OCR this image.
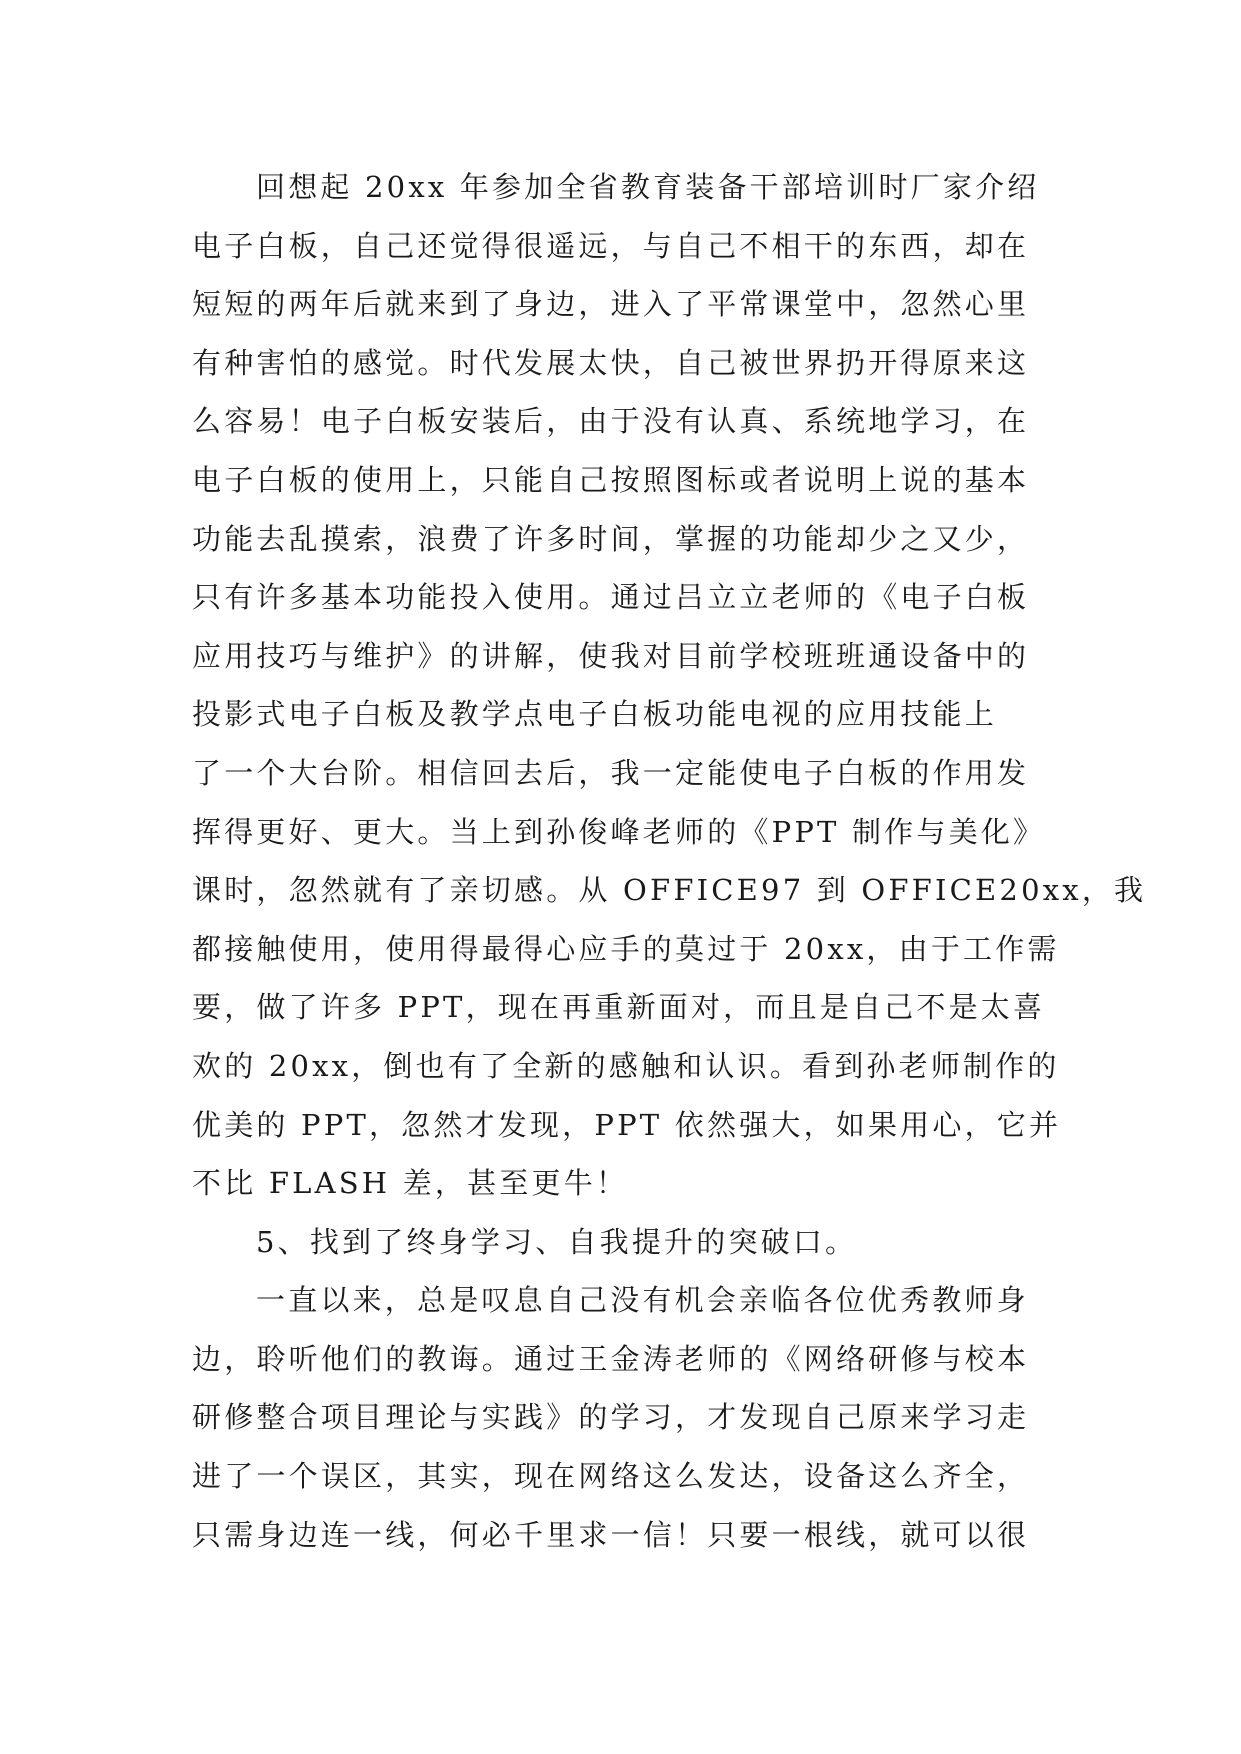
回想起 20xx 年参加全省教育装备干部培训时厂家介绍
电子白板，自己还觉得很遥远，与自己不相干的东西，却在
短短的两年后就来到了身边，进入了平常课堂中，忽然心里
有种害怕的感觉。时代发展太快，自己被世界扔开得原来这
么容易！电子白板安装后，由于没有认真、系统地学习，在
电子白板的使用上，只能自己按照图标或者说明上说的基本
功能去乱摸索，浪费了许多时间，掌握的功能却少之又少，
只有许多基本功能投入使用。通过吕立立老师的《电子白板
应用技巧与维护》的讲解，使我对目前学校班班通设备中的
投影式电子白板及教学点电子白板功能电视的应用技能上
了一个大台阶。相信回去后，我一定能使电子白板的作用发
挥得更好、更大。当上到孙俊峰老师的《PPT 制作与美化》
课时，忽然就有了亲切感。从 OFFICE97 到 OFFICE20xx，我
都接触使用，使用得最得心应手的莫过于 20xx，由于工作需
要，做了许多 PPT，现在再重新面对，而且是自己不是太喜
欢的 20xx，倒也有了全新的感触和认识。看到孙老师制作的
优美的 PPT，忽然才发现，PPT 依然强大，如果用心，它并
不比 FLASH 差，甚至更牛！
5、找到了终身学习、自我提升的突破口。
一直以来，总是叹息自己没有机会亲临各位优秀教师身
边，聆听他们的教诲。通过王金涛老师的《网络研修与校本
研修整合项目理论与实践》的学习，才发现自己原来学习走
进了一个误区，其实，现在网络这么发达，设备这么齐全，
只需身边连一线，何必千里求一信！只要一根线，就可以很
